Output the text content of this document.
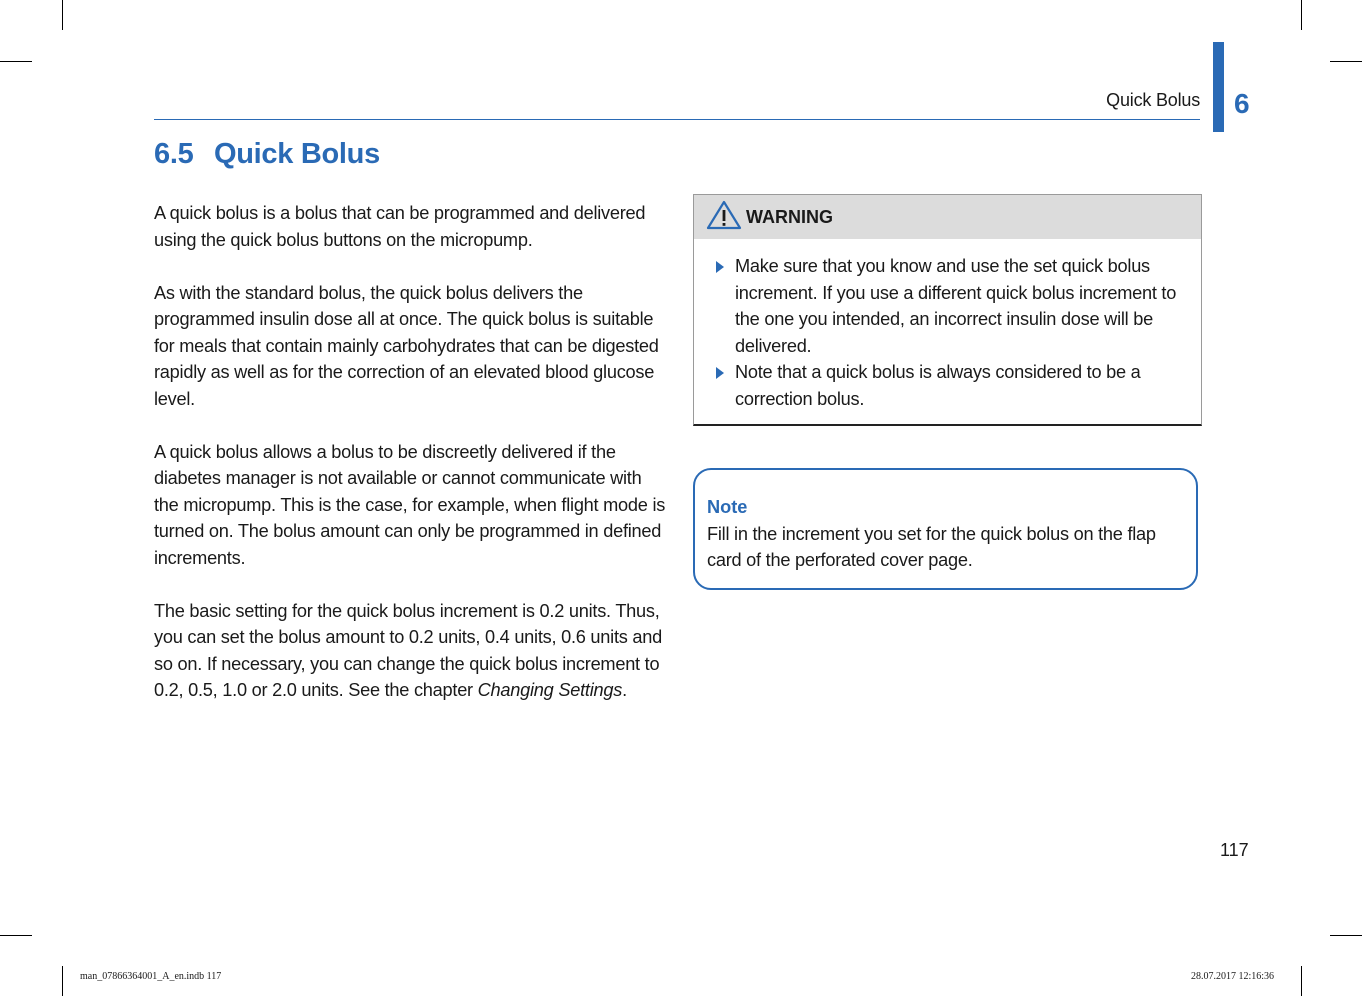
Quick Bolus 6
6.5 Quick Bolus

A quick bolus is a bolus that can be programmed and delivered using the quick bolus buttons on the micropump.

As with the standard bolus, the quick bolus delivers the programmed insulin dose all at once. The quick bolus is suitable for meals that contain mainly carbohydrates that can be digested rapidly as well as for the correction of an elevated blood glucose level.

A quick bolus allows a bolus to be discreetly delivered if the diabetes manager is not available or cannot communicate with the micropump. This is the case, for example, when flight mode is turned on. The bolus amount can only be programmed in defined increments.

The basic setting for the quick bolus increment is 0.2 units. Thus, you can set the bolus amount to 0.2 units, 0.4 units, 0.6 units and so on. If necessary, you can change the quick bolus increment to 0.2, 0.5, 1.0 or 2.0 units. See the chapter Changing Settings.

WARNING
Make sure that you know and use the set quick bolus increment. If you use a different quick bolus increment to the one you intended, an incorrect insulin dose will be delivered.
Note that a quick bolus is always considered to be a correction bolus.
Note
Fill in the increment you set for the quick bolus on the flap card of the perforated cover page.
117
man_07866364001_A_en.indb 117	28.07.2017 12:16:36
